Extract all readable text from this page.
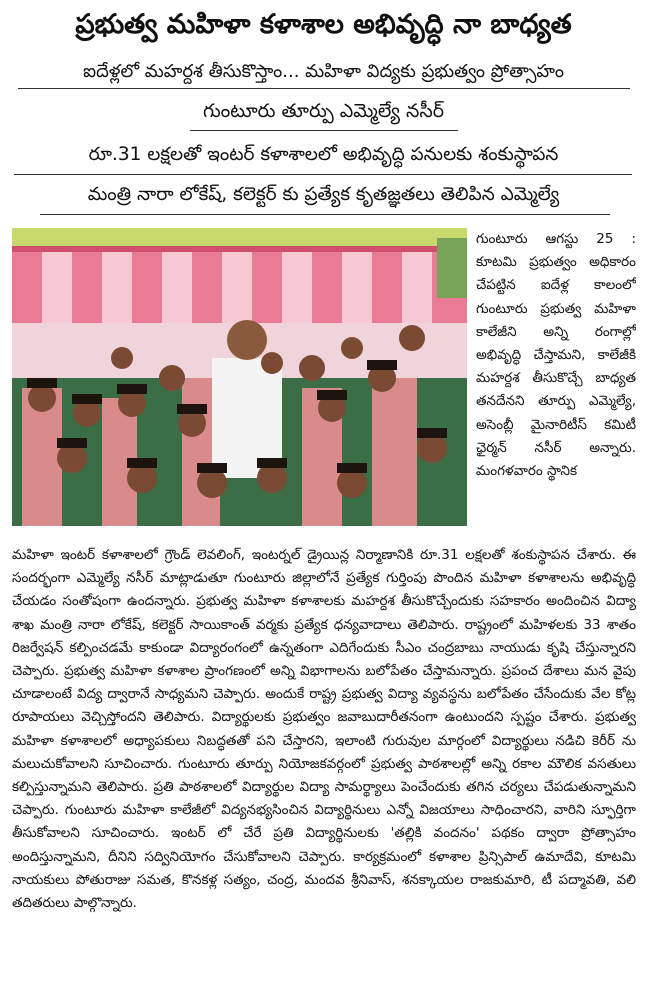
ప్రభుత్వ మహిళా కళాశాల అభివృద్ధి నా బాధ్యత
ఐదేళ్లలో మహర్దశ తీసుకొస్తాం... మహిళా విద్యకు ప్రభుత్వం ప్రోత్సాహం
గుంటూరు తూర్పు ఎమ్మెల్యే నసీర్
రూ.31 లక్షలతో ఇంటర్ కళాశాలలో అభివృద్ధి పనులకు శంకుస్థాపన
మంత్రి నారా లోకేష్, కలెక్టర్ కు ప్రత్యేక కృతజ్ఞతలు తెలిపిన ఎమ్మెల్యే
గుంటూరు ఆగస్టు 25 : కూటమి ప్రభుత్వం అధికారం చేపట్టిన ఐదేళ్ల కాలంలో గుంటూరు ప్రభుత్వ మహిళా కాలేజీని అన్ని రంగాల్లో అభివృద్ధి చేస్తామని, కాలేజీకి మహర్దశ తీసుకొచ్చే బాధ్యత తనదేనని తూర్పు ఎమ్మెల్యే, అసెంబ్లీ మైనారిటీస్ కమిటీ ఛైర్మన్ నసీర్ అన్నారు. మంగళవారం స్థానిక
మహిళా ఇంటర్ కళాశాలలో గ్రౌండ్ లెవలింగ్, ఇంటర్నల్ డ్రైయిన్ల నిర్మాణానికి రూ.31 లక్షలతో శంకుస్థాపన చేశారు. ఈ సందర్భంగా ఎమ్మెల్యే నసీర్ మాట్లాడుతూ గుంటూరు జిల్లాలోనే ప్రత్యేక గుర్తింపు పొందిన మహిళా కళాశాలను అభివృద్ధి చేయడం సంతోషంగా ఉందన్నారు. ప్రభుత్వ మహిళా కళాశాలకు మహర్దశ తీసుకొచ్చేందుకు సహకారం అందించిన విద్యా శాఖ మంత్రి నారా లోకేష్, కలెక్టర్ సాయికాంత్ వర్మకు ప్రత్యేక ధన్యవాదాలు తెలిపారు. రాష్ట్రంలో మహిళలకు 33 శాతం రిజర్వేషన్ కల్పించడమే కాకుండా విద్యారంగంలో ఉన్నతంగా ఎదిగేందుకు సీఎం చంద్రబాబు నాయుడు కృషి చేస్తున్నారని చెప్పారు. ప్రభుత్వ మహిళా కళాశాల ప్రాంగణంలో అన్ని విభాగాలను బలోపేతం చేస్తామన్నారు. ప్రపంచ దేశాలు మన వైపు చూడాలంటే విద్య ద్వారానే సాధ్యమని చెప్పారు. అందుకే రాష్ట్ర ప్రభుత్వ విద్యా వ్యవస్థను బలోపేతం చేసేందుకు వేల కోట్ల రూపాయలు వెచ్చిస్తోందని తెలిపారు. విద్యార్థులకు ప్రభుత్వం జవాబుదారీతనంగా ఉంటుందని స్పష్టం చేశారు. ప్రభుత్వ మహిళా కళాశాలలో అధ్యాపకులు నిబద్ధతతో పని చేస్తారని, ఇలాంటి గురువుల మార్గంలో విద్యార్థులు నడిచి కెరీర్ ను మలుచుకోవాలని సూచించారు. గుంటూరు తూర్పు నియోజకవర్గంలో ప్రభుత్వ పాఠశాలల్లో అన్ని రకాల మౌలిక వసతులు కల్పిస్తున్నామని తెలిపారు. ప్రతి పాఠశాలలో విద్యార్థుల విద్యా సామర్థ్యాలు పెంచేందుకు తగిన చర్యలు చేపడుతున్నామని చెప్పారు. గుంటూరు మహిళా కాలేజీలో విద్యనభ్యసించిన విద్యార్థినులు ఎన్నో విజయాలు సాధించారని, వారిని స్ఫూర్తిగా తీసుకోవాలని సూచించారు. ఇంటర్ లో చేరే ప్రతి విద్యార్థినులకు 'తల్లికి వందనం' పథకం ద్వారా ప్రోత్సాహం అందిస్తున్నామని, దీనిని సద్వినియోగం చేసుకోవాలని చెప్పారు. కార్యక్రమంలో కళాశాల ప్రిన్సిపాల్ ఉమాదేవి, కూటమి నాయకులు పోతురాజు సమత, కొనకళ్ల సత్యం, చంద్ర, మందవ శ్రీనివాస్, శనక్కాయల రాజకుమారి, టీ పద్మావతి, వలి తదితరులు పాల్గొన్నారు.
